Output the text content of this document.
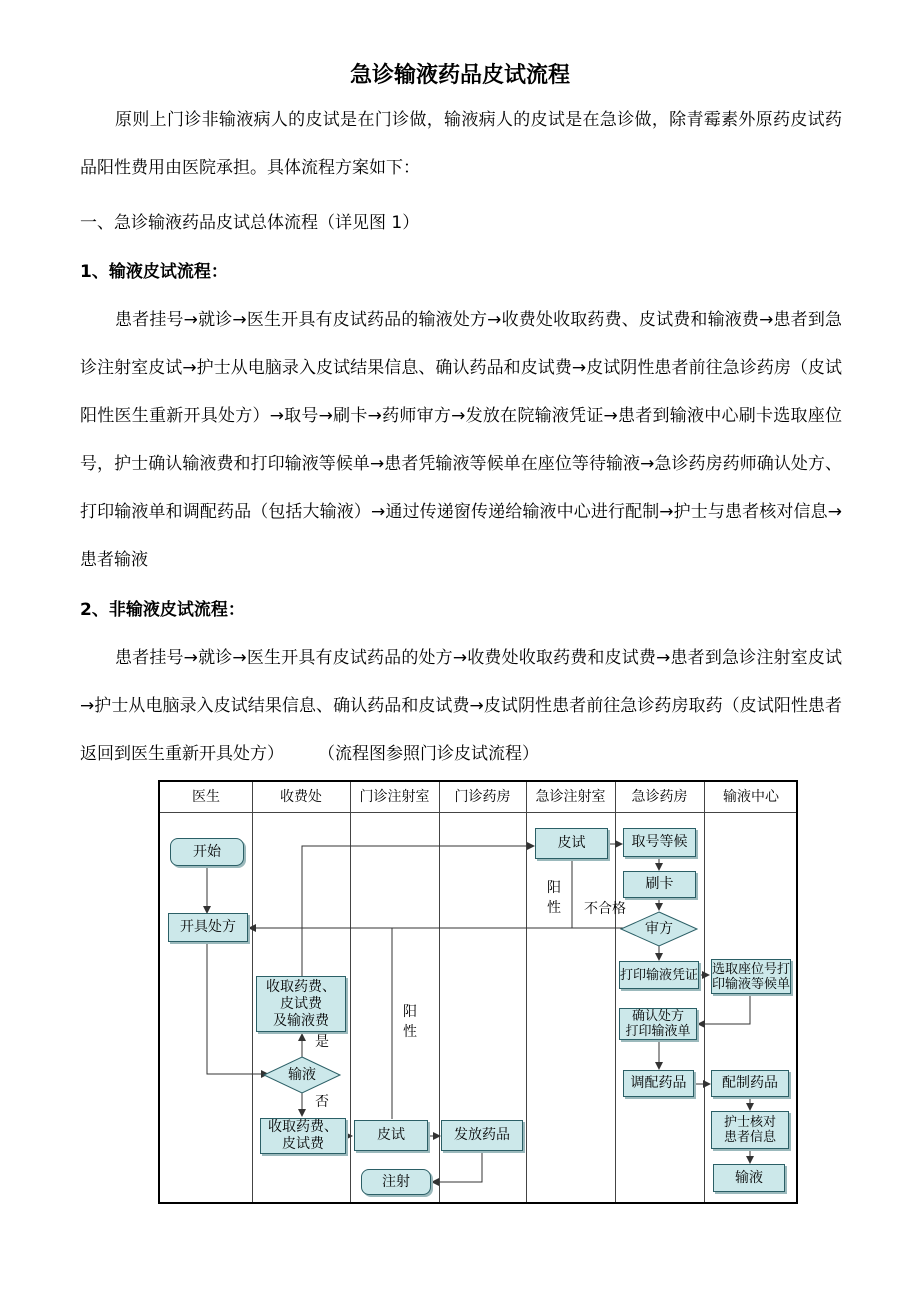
急诊输液药品皮试流程

原则上门诊非输液病人的皮试是在门诊做，输液病人的皮试是在急诊做，除青霉素外原药皮试药品阳性费用由医院承担。具体流程方案如下：

一、急诊输液药品皮试总体流程（详见图 1）

1、输液皮试流程：

患者挂号→就诊→医生开具有皮试药品的输液处方→收费处收取药费、皮试费和输液费→患者到急诊注射室皮试→护士从电脑录入皮试结果信息、确认药品和皮试费→皮试阴性患者前往急诊药房（皮试阳性医生重新开具处方）→取号→刷卡→药师审方→发放在院输液凭证→患者到输液中心刷卡选取座位号，护士确认输液费和打印输液等候单→患者凭输液等候单在座位等待输液→急诊药房药师确认处方、打印输液单和调配药品（包括大输液）→通过传递窗传递给输液中心进行配制→护士与患者核对信息→患者输液

2、非输液皮试流程：

患者挂号→就诊→医生开具有皮试药品的处方→收费处收取药费和皮试费→患者到急诊注射室皮试→护士从电脑录入皮试结果信息、确认药品和皮试费→皮试阴性患者前往急诊药房取药（皮试阳性患者返回到医生重新开具处方）　　　（流程图参照门诊皮试流程）

医生	收费处	门诊注射室	门诊药房	急诊注射室	急诊药房	输液中心
开始
开具处方
收取药费、
皮试费
及输液费
输液
收取药费、
皮试费
皮试	发放药品
注射
皮试	取号等候
刷卡
审方
打印输液凭证 选取座位号打
印输液等候单
确认处方
打印输液单
调配药品	配制药品
护士核对
患者信息
输液
是
否
阳
性
阳
性 不合格
